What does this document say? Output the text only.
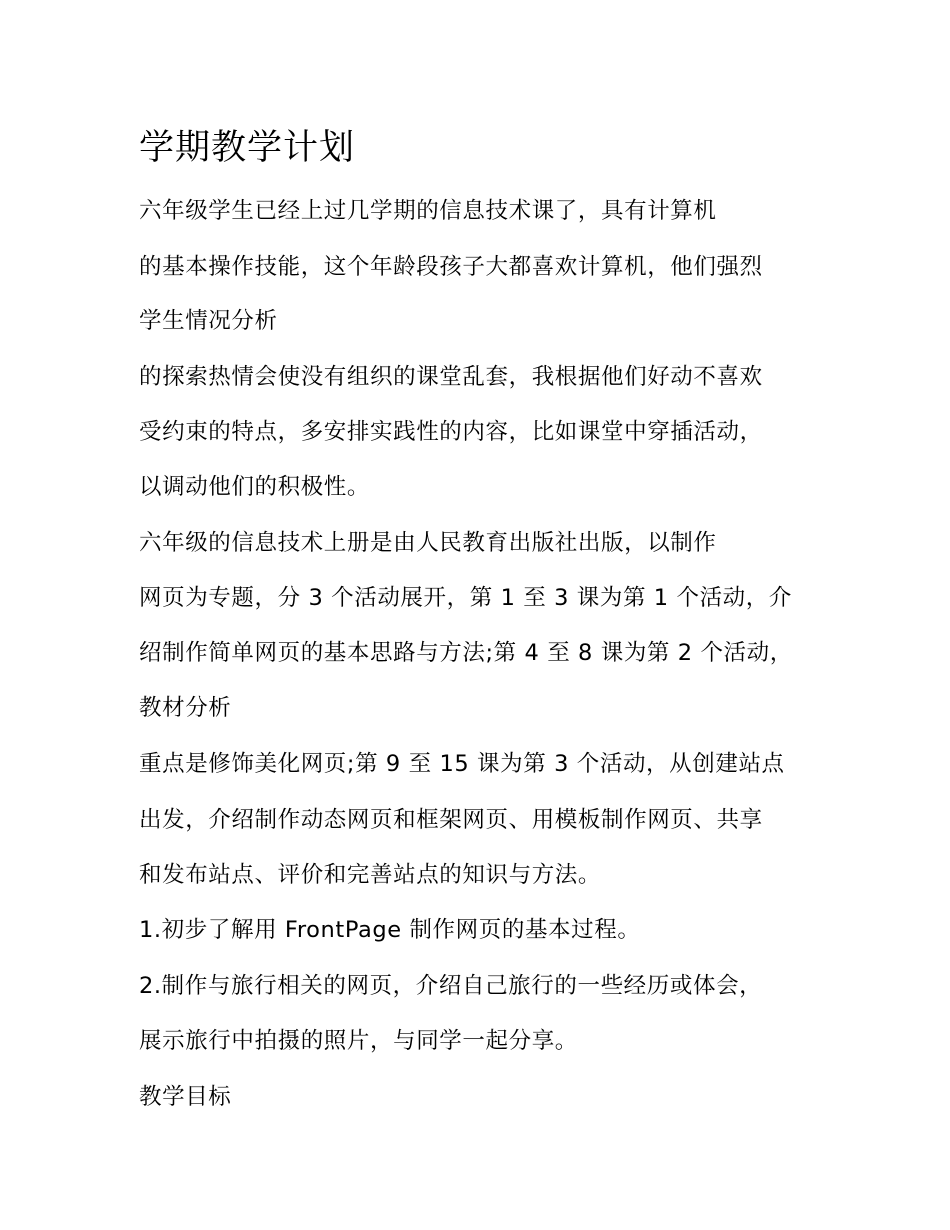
学期教学计划
六年级学生已经上过几学期的信息技术课了，具有计算机
的基本操作技能，这个年龄段孩子大都喜欢计算机，他们强烈
学生情况分析
的探索热情会使没有组织的课堂乱套，我根据他们好动不喜欢
受约束的特点，多安排实践性的内容，比如课堂中穿插活动，
以调动他们的积极性。
六年级的信息技术上册是由人民教育出版社出版，以制作
网页为专题，分 3 个活动展开，第 1 至 3 课为第 1 个活动，介
绍制作简单网页的基本思路与方法;第 4 至 8 课为第 2 个活动，
教材分析
重点是修饰美化网页;第 9 至 15 课为第 3 个活动，从创建站点
出发，介绍制作动态网页和框架网页、用模板制作网页、共享
和发布站点、评价和完善站点的知识与方法。
1.初步了解用 FrontPage 制作网页的基本过程。
2.制作与旅行相关的网页，介绍自己旅行的一些经历或体会，
展示旅行中拍摄的照片，与同学一起分享。
教学目标
